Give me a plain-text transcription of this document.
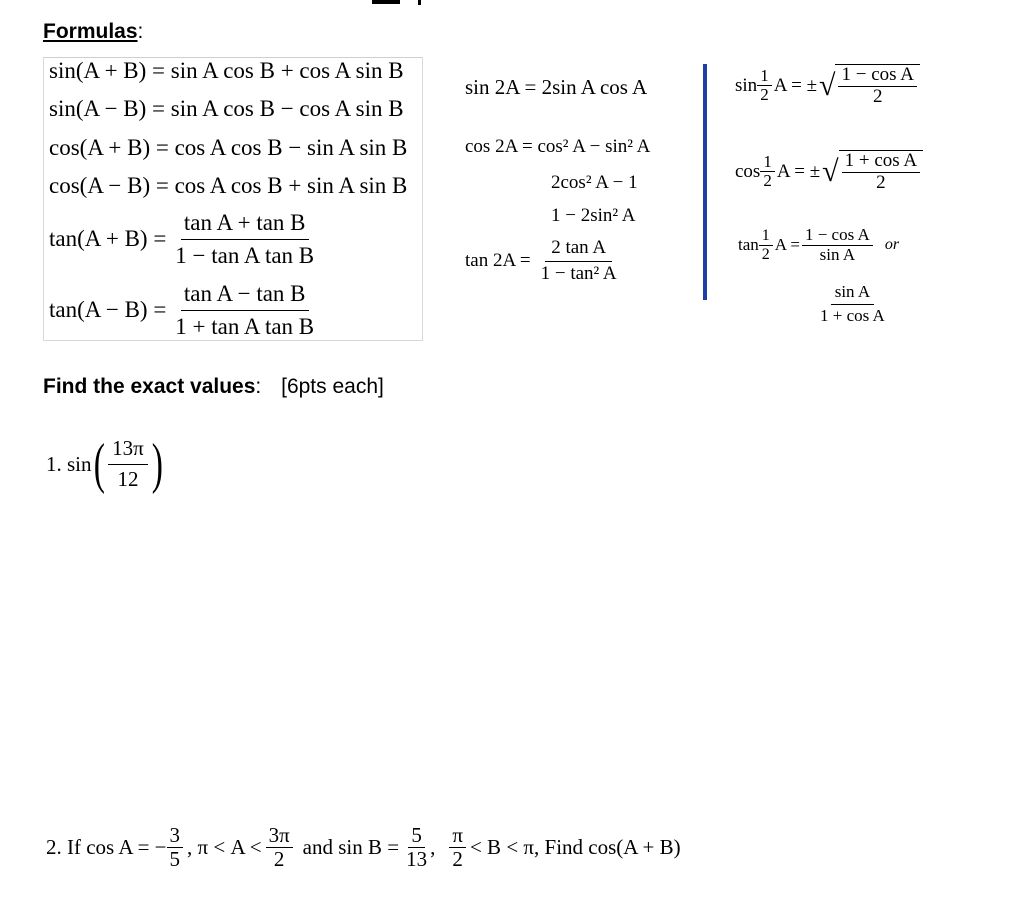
Formulas:
sin(A + B) = sin A cos B + cos A sin B
sin(A − B) = sin A cos B − cos A sin B
cos(A + B) = cos A cos B − sin A sin B
cos(A − B) = cos A cos B + sin A sin B
$\tan(A + B) = \frac{\text{tan A + tan B}}{\text{1 − tan A tan B}}$
$\tan(A - B) = \frac{\text{tan A − tan B}}{\text{1 + tan A tan B}}$
sin 2A = 2sin A cos A
cos 2A = cos² A − sin² A
2cos² A − 1
1 − 2sin² A
$\tan 2A = \frac{\text{2 tan A}}{\text{1 − tan² A}}$
$\sin \frac{1}{2}$ A = ± √ $\frac{\text{1 − cos A}}{2}$
$\cos \frac{1}{2}$ A = ± √ $\frac{\text{1 + cos A}}{2}$
$\tan \frac{1}{2}$ $A = \frac{\text{1 − cos A}}{\text{sin A}}$ or
$\frac{\text{sin A}}{\text{1 + cos A}}$
Find the exact values: [6pts each]
1. sin ( $\frac{13\pi}{12}$ )
2. If cos A = − $\frac{3}{5}$ , $\pi < A < \frac{3\pi}{2}$ and $\sin B = \frac{5}{13}$ , $\frac{\pi}{2} < B < \pi$, Find cos(A + B)
